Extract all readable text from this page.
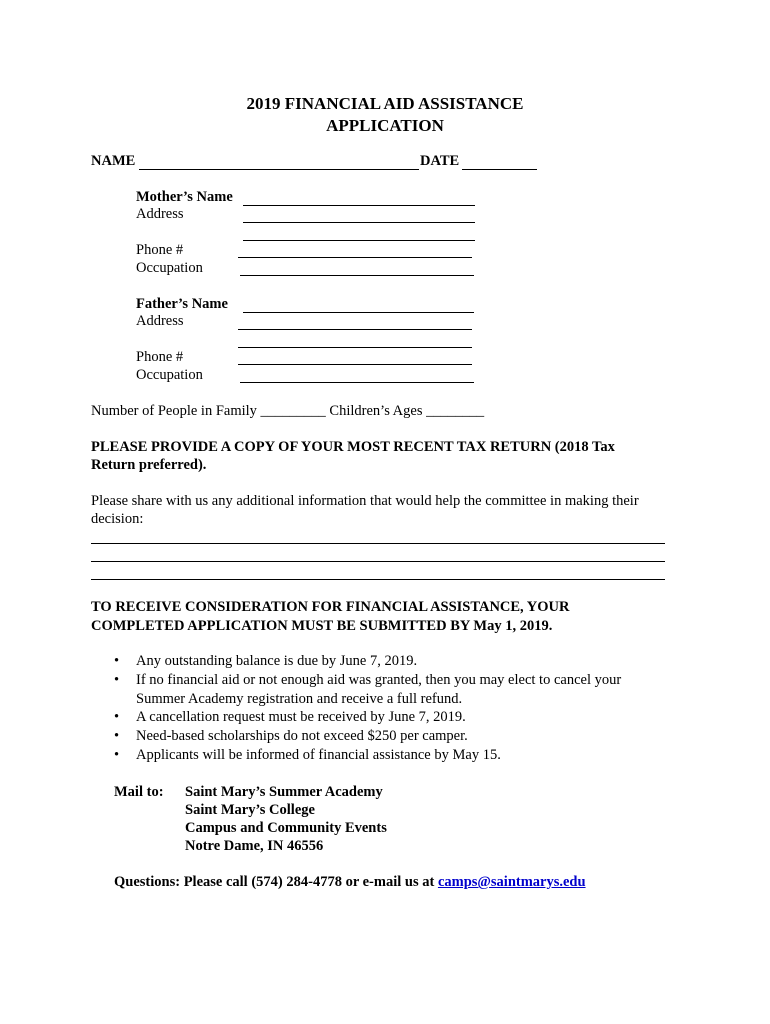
2019 FINANCIAL AID ASSISTANCE
APPLICATION
NAME	DATE
Mother’s Name
Address
Phone #
Occupation
Father’s Name
Address
Phone #
Occupation
Number of People in Family _________ Children’s Ages ________
PLEASE PROVIDE A COPY OF YOUR MOST RECENT TAX RETURN (2018 Tax
Return preferred).
Please share with us any additional information that would help the committee in making their
decision:
TO RECEIVE CONSIDERATION FOR FINANCIAL ASSISTANCE, YOUR
COMPLETED APPLICATION MUST BE SUBMITTED BY May 1, 2019.
• Any outstanding balance is due by June 7, 2019.
• If no financial aid or not enough aid was granted, then you may elect to cancel your Summer Academy registration and receive a full refund.
• A cancellation request must be received by June 7, 2019.
• Need-based scholarships do not exceed $250 per camper.
• Applicants will be informed of financial assistance by May 15.
Mail to: Saint Mary’s Summer Academy
Saint Mary’s College
Campus and Community Events
Notre Dame, IN 46556
Questions: Please call (574) 284-4778 or e-mail us at camps@saintmarys.edu
